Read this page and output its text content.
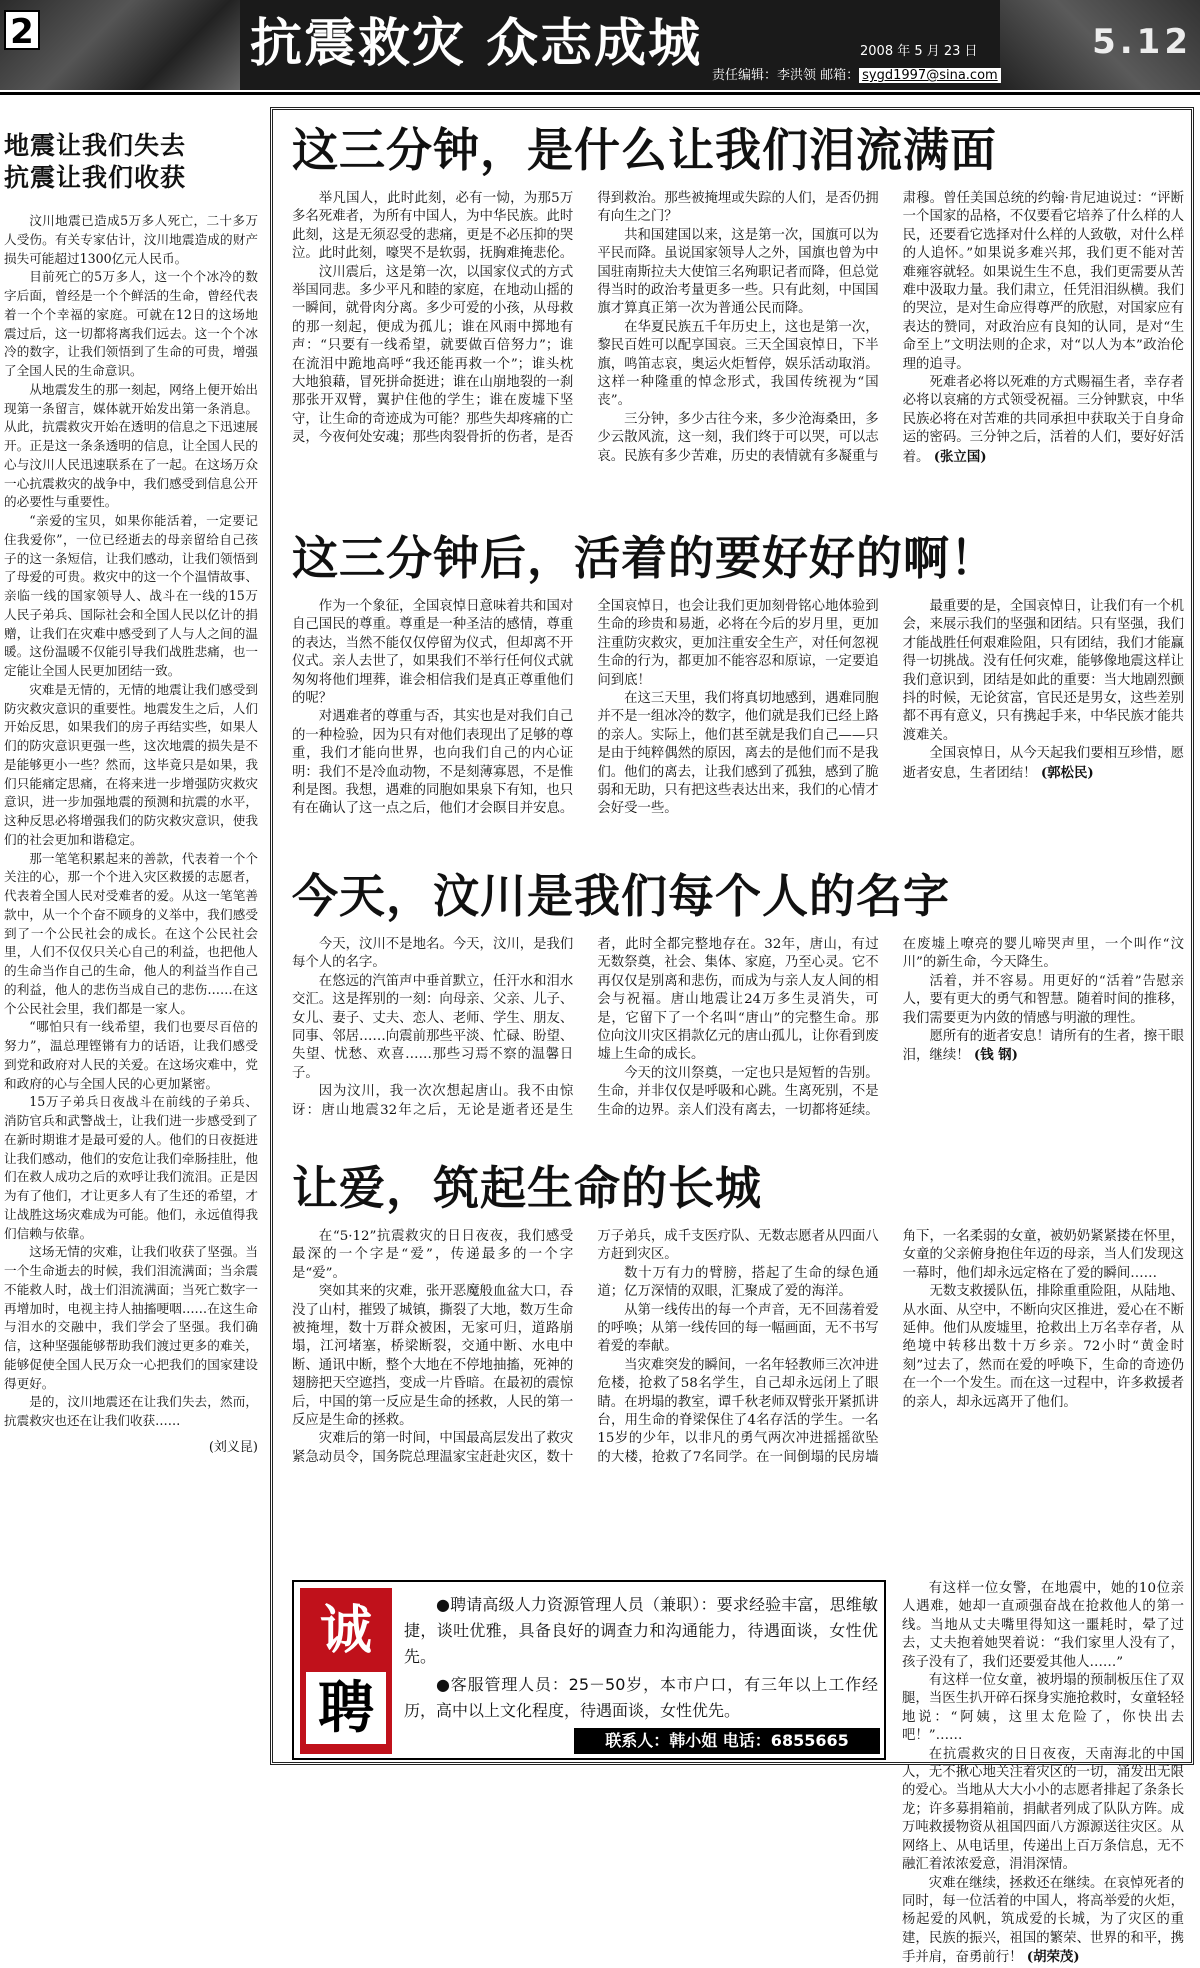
2	抗震救灾 众志成城	2008 年 5 月 23 日
责任编辑：李洪领 邮箱： sygd1997@sina.com
5.12
地震让我们失去
抗震让我们收获

汶川地震已造成5万多人死亡，二十多万人受伤。有关专家估计，汶川地震造成的财产损失可能超过1300亿元人民币。

目前死亡的5万多人，这一个个冰冷的数字后面，曾经是一个个鲜活的生命，曾经代表着一个个幸福的家庭。可就在12日的这场地震过后，这一切都将离我们远去。这一个个冰冷的数字，让我们领悟到了生命的可贵，增强了全国人民的生命意识。

从地震发生的那一刻起，网络上便开始出现第一条留言，媒体就开始发出第一条消息。从此，抗震救灾开始在透明的信息之下迅速展开。正是这一条条透明的信息，让全国人民的心与汶川人民迅速联系在了一起。在这场万众一心抗震救灾的战争中，我们感受到信息公开的必要性与重要性。

“亲爱的宝贝，如果你能活着，一定要记住我爱你”，一位已经逝去的母亲留给自己孩子的这一条短信，让我们感动，让我们领悟到了母爱的可贵。救灾中的这一个个温情故事、亲临一线的国家领导人、战斗在一线的15万人民子弟兵、国际社会和全国人民以亿计的捐赠，让我们在灾难中感受到了人与人之间的温暖。这份温暖不仅能引导我们战胜悲痛，也一定能让全国人民更加团结一致。

灾难是无情的，无情的地震让我们感受到防灾救灾意识的重要性。地震发生之后，人们开始反思，如果我们的房子再结实些，如果人们的防灾意识更强一些，这次地震的损失是不是能够更小一些？然而，这毕竟只是如果，我们只能痛定思痛，在将来进一步增强防灾救灾意识，进一步加强地震的预测和抗震的水平，这种反思必将增强我们的防灾救灾意识，使我们的社会更加和谐稳定。

那一笔笔积累起来的善款，代表着一个个关注的心，那一个个进入灾区救援的志愿者，代表着全国人民对受难者的爱。从这一笔笔善款中，从一个个奋不顾身的义举中，我们感受到了一个公民社会的成长。在这个公民社会里，人们不仅仅只关心自己的利益，也把他人的生命当作自己的生命，他人的利益当作自己的利益，他人的悲伤当成自己的悲伤……在这个公民社会里，我们都是一家人。

“哪怕只有一线希望，我们也要尽百倍的努力”，温总理铿锵有力的话语，让我们感受到党和政府对人民的关爱。在这场灾难中，党和政府的心与全国人民的心更加紧密。

15万子弟兵日夜战斗在前线的子弟兵、消防官兵和武警战士，让我们进一步感受到了在新时期谁才是最可爱的人。他们的日夜挺进让我们感动，他们的安危让我们牵肠挂肚，他们在救人成功之后的欢呼让我们流泪。正是因为有了他们，才让更多人有了生还的希望，才让战胜这场灾难成为可能。他们，永远值得我们信赖与依靠。

这场无情的灾难，让我们收获了坚强。当一个生命逝去的时候，我们泪流满面；当余震不能救人时，战士们泪流满面；当死亡数字一再增加时，电视主持人抽搐哽咽……在这生命与泪水的交融中，我们学会了坚强。我们确信，这种坚强能够帮助我们渡过更多的难关，能够促使全国人民万众一心把我们的国家建设得更好。

是的，汶川地震还在让我们失去，然而，抗震救灾也还在让我们收获……

(刘义昆)
这三分钟，是什么让我们泪流满面

举凡国人，此时此刻，必有一恸，为那5万多名死难者，为所有中国人，为中华民族。此时此刻，这是无须忍受的悲痛，更是不必压抑的哭泣。此时此刻，嚎哭不是软弱，抚胸难掩悲伦。

汶川震后，这是第一次，以国家仪式的方式举国同悲。多少平凡和睦的家庭，在地动山摇的一瞬间，就骨肉分离。多少可爱的小孩，从母救的那一刻起，便成为孤儿；谁在风雨中掷地有声：“只要有一线希望，就要做百倍努力”；谁在流泪中跪地高呼“我还能再救一个”；谁头枕大地狼藉，冒死拼命挺进；谁在山崩地裂的一刹那张开双臂，翼护住他的学生；谁在废墟下坚守，让生命的奇迹成为可能？那些失却疼痛的亡灵，今夜何处安魂；那些肉裂骨折的伤者，是否得到救治。那些被掩埋或失踪的人们，是否仍拥有向生之门？

共和国建国以来，这是第一次，国旗可以为平民而降。虽说国家领导人之外，国旗也曾为中国驻南斯拉夫大使馆三名殉职记者而降，但总觉得当时的政治考量更多一些。只有此刻，中国国旗才算真正第一次为普通公民而降。

在华夏民族五千年历史上，这也是第一次，黎民百姓可以配享国哀。三天全国哀悼日，下半旗，鸣笛志哀，奥运火炬暂停，娱乐活动取消。这样一种隆重的悼念形式，我国传统视为“国丧”。

三分钟，多少古往今来，多少沧海桑田，多少云散风流，这一刻，我们终于可以哭，可以志哀。民族有多少苦难，历史的表情就有多凝重与肃穆。曾任美国总统的约翰·肯尼迪说过：“评断一个国家的品格，不仅要看它培养了什么样的人民，还要看它选择对什么样的人致敬，对什么样的人追怀。”如果说多难兴邦，我们更不能对苦难雍容就轻。如果说生生不息，我们更需要从苦难中汲取力量。我们肃立，任凭泪泪纵横。我们的哭泣，是对生命应得尊严的欣慰，对国家应有表达的赞同，对政治应有良知的认同，是对“生命至上”文明法则的企求，对“以人为本”政治伦理的追寻。

死难者必将以死难的方式赐福生者，幸存者必将以哀痛的方式领受祝福。三分钟默哀，中华民族必将在对苦难的共同承担中获取关于自身命运的密码。三分钟之后，活着的人们，要好好活着。 (张立国)

这三分钟后，活着的要好好的啊！

作为一个象征，全国哀悼日意味着共和国对自己国民的尊重。尊重是一种圣洁的感情，尊重的表达，当然不能仅仅停留为仪式，但却离不开仪式。亲人去世了，如果我们不举行任何仪式就匆匆将他们埋葬，谁会相信我们是真正尊重他们的呢？

对遇难者的尊重与否，其实也是对我们自己的一种检验，因为只有对他们表现出了足够的尊重，我们才能向世界，也向我们自己的内心证明：我们不是冷血动物，不是刻薄寡恩，不是惟利是图。我想，遇难的同胞如果泉下有知，也只有在确认了这一点之后，他们才会瞑目并安息。全国哀悼日，也会让我们更加刻骨铭心地体验到生命的珍贵和易逝，必将在今后的岁月里，更加注重防灾救灾，更加注重安全生产，对任何忽视生命的行为，都更加不能容忍和原谅，一定要追问到底！

在这三天里，我们将真切地感到，遇难同胞并不是一组冰冷的数字，他们就是我们已经上路的亲人。实际上，他们甚至就是我们自己——只是由于纯粹偶然的原因，离去的是他们而不是我们。他们的离去，让我们感到了孤独，感到了脆弱和无助，只有把这些表达出来，我们的心情才会好受一些。

最重要的是，全国哀悼日，让我们有一个机会，来展示我们的坚强和团结。只有坚强，我们才能战胜任何艰难险阻，只有团结，我们才能赢得一切挑战。没有任何灾难，能够像地震这样让我们意识到，团结是如此的重要：当大地剧烈颤抖的时候，无论贫富，官民还是男女，这些差别都不再有意义，只有携起手来，中华民族才能共渡难关。

全国哀悼日，从今天起我们要相互珍惜，愿逝者安息，生者团结！ (郭松民)

今天，汶川是我们每个人的名字

今天，汶川不是地名。今天，汶川，是我们每个人的名字。

在悠远的汽笛声中垂首默立，任汗水和泪水交汇。这是挥别的一刻：向母亲、父亲、儿子、女儿、妻子、丈夫、恋人、老师、学生、朋友、同事、邻居……向震前那些平淡、忙碌、盼望、失望、忧愁、欢喜……那些习焉不察的温馨日子。

因为汶川，我一次次想起唐山。我不由惊讶：唐山地震32年之后，无论是逝者还是生者，此时全都完整地存在。32年，唐山，有过无数祭奠，社会、集体、家庭，乃至心灵。它不再仅仅是别离和悲伤，而成为与亲人友人间的相会与祝福。唐山地震让24万多生灵消失，可是，它留下了一个名叫“唐山”的完整生命。那位向汶川灾区捐款亿元的唐山孤儿，让你看到废墟上生命的成长。

今天的汶川祭奠，一定也只是短暂的告别。生命，并非仅仅是呼吸和心跳。生离死别，不是生命的边界。亲人们没有离去，一切都将延续。在废墟上嘹亮的婴儿啼哭声里，一个叫作“汶川”的新生命，今天降生。

活着，并不容易。用更好的“活着”告慰亲人，要有更大的勇气和智慧。随着时间的推移，我们需要更为内敛的情感与明澈的理性。

愿所有的逝者安息！请所有的生者，擦干眼泪，继续！ (钱 钢)

让爱，筑起生命的长城

在“5·12”抗震救灾的日日夜夜，我们感受最深的一个字是“爱”，传递最多的一个字是“爱”。

突如其来的灾难，张开恶魔般血盆大口，吞没了山村，摧毁了城镇，撕裂了大地，数万生命被掩埋，数十万群众被困，无家可归，道路崩塌，江河堵塞，桥梁断裂，交通中断、水电中断、通讯中断，整个大地在不停地抽搐，死神的翅膀把天空遮挡，变成一片昏暗。在最初的震惊后，中国的第一反应是生命的拯救，人民的第一反应是生命的拯救。

灾难后的第一时间，中国最高层发出了救灾紧急动员令，国务院总理温家宝赶赴灾区，数十万子弟兵，成千支医疗队、无数志愿者从四面八方赶到灾区。

数十万有力的臂膀，搭起了生命的绿色通道；亿万深情的双眼，汇聚成了爱的海洋。

从第一线传出的每一个声音，无不回荡着爱的呼唤；从第一线传回的每一幅画面，无不书写着爱的奉献。

当灾难突发的瞬间，一名年轻教师三次冲进危楼，抢救了58名学生，自己却永远闭上了眼睛。在坍塌的教室，谭千秋老师双臂张开紧抓讲台，用生命的脊梁保住了4名存活的学生。一名15岁的少年，以非凡的勇气两次冲进摇摇欲坠的大楼，抢救了7名同学。在一间倒塌的民房墙角下，一名柔弱的女童，被奶奶紧紧搂在怀里，女童的父亲俯身抱住年迈的母亲，当人们发现这一幕时，他们却永远定格在了爱的瞬间……

无数支救援队伍，排除重重险阻，从陆地、从水面、从空中，不断向灾区推进，爱心在不断延伸。他们从废墟里，抢救出上万名幸存者，从绝境中转移出数十万乡亲。72小时“黄金时刻”过去了，然而在爱的呼唤下，生命的奇迹仍在一个一个发生。而在这一过程中，许多救援者的亲人，却永远离开了他们。

有这样一位女警，在地震中，她的10位亲人遇难，她却一直顽强奋战在抢救他人的第一线。当地从丈夫嘴里得知这一噩耗时，晕了过去，丈夫抱着她哭着说：“我们家里人没有了，孩子没有了，我们还要爱其他人……”

有这样一位女童，被坍塌的预制板压住了双腿，当医生扒开碎石探身实施抢救时，女童轻轻地说：“阿姨，这里太危险了，你快出去吧！”……

在抗震救灾的日日夜夜，天南海北的中国人，无不揪心地关注着灾区的一切，涌发出无限的爱心。当地从大大小小的志愿者排起了条条长龙；许多募捐箱前，捐献者列成了队队方阵。成万吨救援物资从祖国四面八方源源送往灾区。从网络上、从电话里，传递出上百万条信息，无不融汇着浓浓爱意，涓涓深情。

灾难在继续，拯救还在继续。在哀悼死者的同时，每一位活着的中国人，将高举爱的火炬，杨起爱的风帆，筑成爱的长城，为了灾区的重建，民族的振兴，祖国的繁荣、世界的和平，携手并肩，奋勇前行！ (胡荣茂)

诚
聘

●聘请高级人力资源管理人员（兼职）：要求经验丰富，思维敏捷，谈吐优雅，具备良好的调查力和沟通能力，待遇面谈，女性优先。

●客服管理人员：25－50岁，本市户口，有三年以上工作经历，高中以上文化程度，待遇面谈，女性优先。

联系人：韩小姐 电话：6855665
